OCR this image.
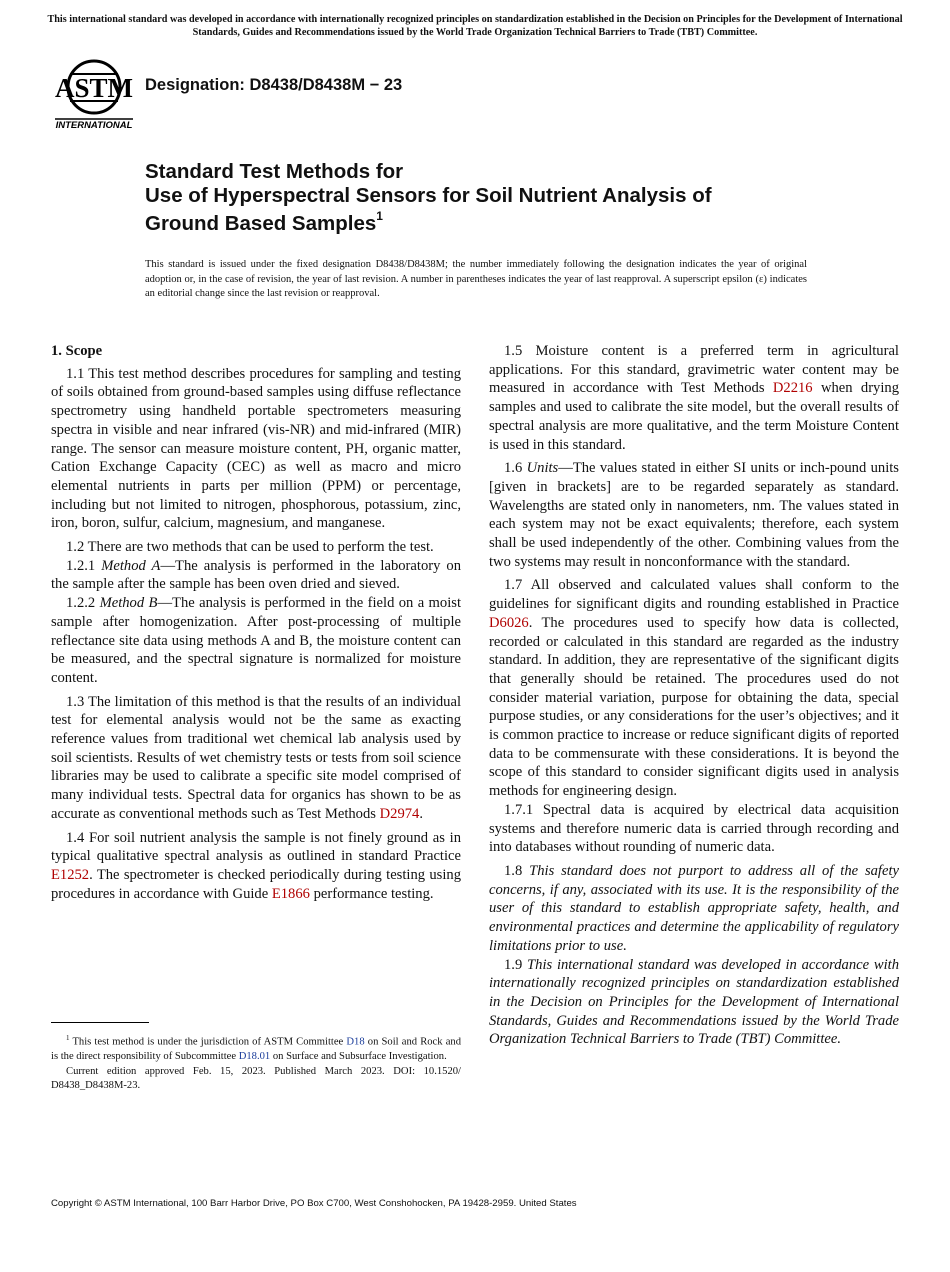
This international standard was developed in accordance with internationally recognized principles on standardization established in the Decision on Principles for the Development of International Standards, Guides and Recommendations issued by the World Trade Organization Technical Barriers to Trade (TBT) Committee.
ASTM
INTERNATIONAL
Designation: D8438/D8438M − 23
Standard Test Methods for
Use of Hyperspectral Sensors for Soil Nutrient Analysis of
Ground Based Samples$^1$
This standard is issued under the fixed designation D8438/D8438M; the number immediately following the designation indicates the year of original adoption or, in the case of revision, the year of last revision. A number in parentheses indicates the year of last reapproval. A superscript epsilon (ε) indicates an editorial change since the last revision or reapproval.
1. Scope

1.1 This test method describes procedures for sampling and testing of soils obtained from ground-based samples using diffuse reflectance spectrometry using handheld portable spectrometers measuring spectra in visible and near infrared (vis-NR) and mid-infrared (MIR) range. The sensor can measure moisture content, PH, organic matter, Cation Exchange Capacity (CEC) as well as macro and micro elemental nutrients in parts per million (PPM) or percentage, including but not limited to nitrogen, phosphorous, potassium, zinc, iron, boron, sulfur, calcium, magnesium, and manganese.

1.2 There are two methods that can be used to perform the test.

1.2.1 Method A—The analysis is performed in the laboratory on the sample after the sample has been oven dried and sieved.

1.2.2 Method B—The analysis is performed in the field on a moist sample after homogenization. After post-processing of multiple reflectance site data using methods A and B, the moisture content can be measured, and the spectral signature is normalized for moisture content.

1.3 The limitation of this method is that the results of an individual test for elemental analysis would not be the same as exacting reference values from traditional wet chemical lab analysis used by soil scientists. Results of wet chemistry tests or tests from soil science libraries may be used to calibrate a specific site model comprised of many individual tests. Spectral data for organics has shown to be as accurate as conventional methods such as Test Methods D2974.

1.4 For soil nutrient analysis the sample is not finely ground as in typical qualitative spectral analysis as outlined in standard Practice E1252. The spectrometer is checked periodically during testing using procedures in accordance with Guide E1866 performance testing.

1.5 Moisture content is a preferred term in agricultural applications. For this standard, gravimetric water content may be measured in accordance with Test Methods D2216 when drying samples and used to calibrate the site model, but the overall results of spectral analysis are more qualitative, and the term Moisture Content is used in this standard.

1.6 Units—The values stated in either SI units or inch-pound units [given in brackets] are to be regarded separately as standard. Wavelengths are stated only in nanometers, nm. The values stated in each system may not be exact equivalents; therefore, each system shall be used independently of the other. Combining values from the two systems may result in nonconformance with the standard.

1.7 All observed and calculated values shall conform to the guidelines for significant digits and rounding established in Practice D6026. The procedures used to specify how data is collected, recorded or calculated in this standard are regarded as the industry standard. In addition, they are representative of the significant digits that generally should be retained. The procedures used do not consider material variation, purpose for obtaining the data, special purpose studies, or any considerations for the user’s objectives; and it is common practice to increase or reduce significant digits of reported data to be commensurate with these considerations. It is beyond the scope of this standard to consider significant digits used in analysis methods for engineering design.

1.7.1 Spectral data is acquired by electrical data acquisition systems and therefore numeric data is carried through recording and into databases without rounding of numeric data.

1.8 This standard does not purport to address all of the safety concerns, if any, associated with its use. It is the responsibility of the user of this standard to establish appropriate safety, health, and environmental practices and determine the applicability of regulatory limitations prior to use.

1.9 This international standard was developed in accordance with internationally recognized principles on standardization established in the Decision on Principles for the Development of International Standards, Guides and Recommendations issued by the World Trade Organization Technical Barriers to Trade (TBT) Committee.

$^1$ This test method is under the jurisdiction of ASTM Committee D18 on Soil and Rock and is the direct responsibility of Subcommittee D18.01 on Surface and Subsurface Investigation.

Current edition approved Feb. 15, 2023. Published March 2023. DOI: 10.1520/ D8438_D8438M-23.

Copyright © ASTM International, 100 Barr Harbor Drive, PO Box C700, West Conshohocken, PA 19428-2959. United States
